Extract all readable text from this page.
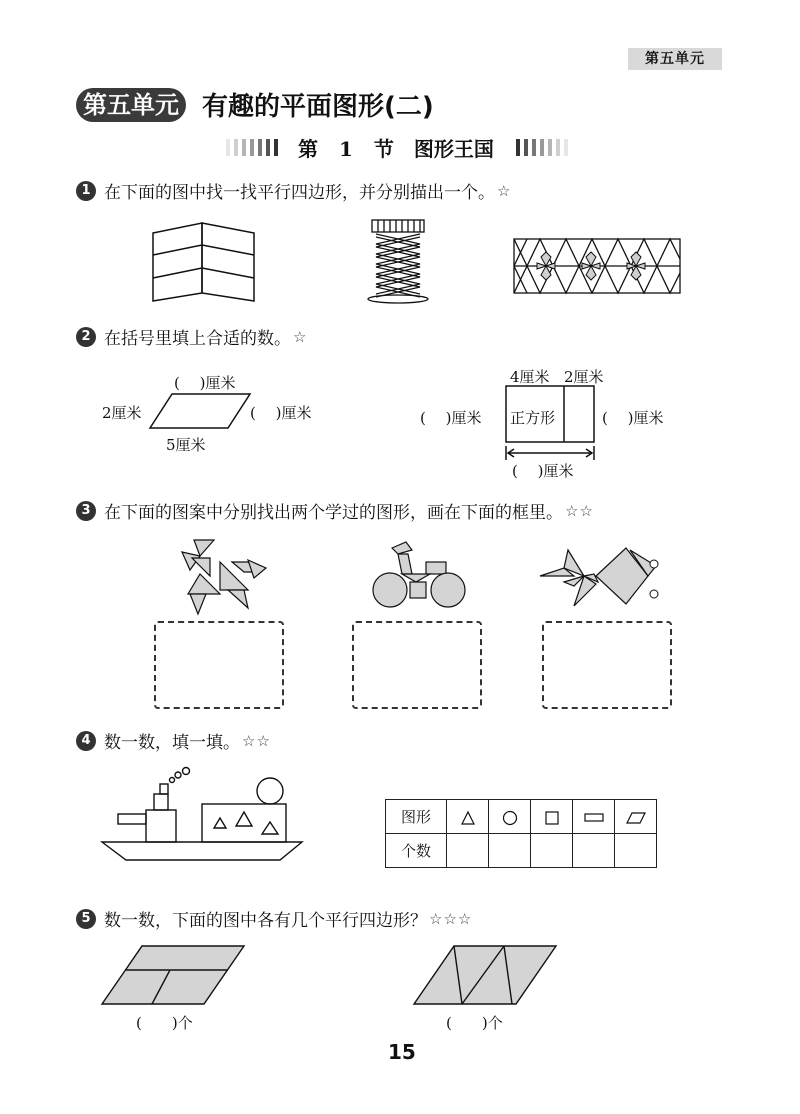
第五单元
第五单元 有趣的平面图形(二)
第 1 节　图形王国
1 在下面的图中找一找平行四边形，并分别描出一个。 ☆
2 在括号里填上合适的数。 ☆
(　 )厘米
2厘米	(　 )厘米
5厘米
4厘米 2厘米
(　 )厘米 正方形	(　 )厘米
(　 )厘米
3 在下面的图案中分别找出两个学过的图形，画在下面的框里。 ☆☆
4 数一数，填一填。 ☆☆
图形					
个数					
5 数一数，下面的图中各有几个平行四边形？ ☆☆☆
(　　)个	(　　)个
15
